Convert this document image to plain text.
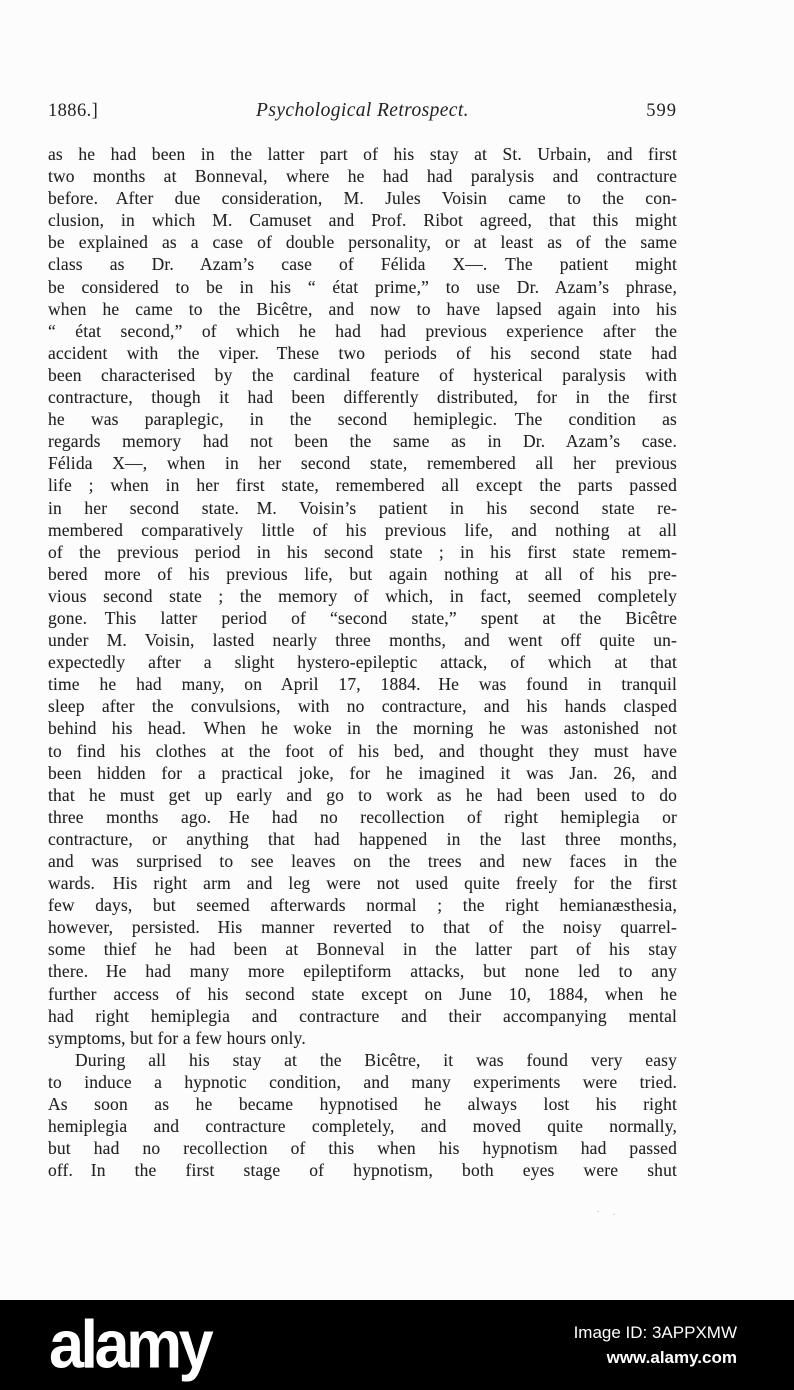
1886.]	Psychological Retrospect.	599
as he had been in the latter part of his stay at St. Urbain, and first
two months at Bonneval, where he had had paralysis and contracture
before. After due consideration, M. Jules Voisin came to the con-
clusion, in which M. Camuset and Prof. Ribot agreed, that this might
be explained as a case of double personality, or at least as of the same
class as Dr. Azam’s case of Félida X—. The patient might
be considered to be in his “ état prime,” to use Dr. Azam’s phrase,
when he came to the Bicêtre, and now to have lapsed again into his
“ état second,” of which he had had previous experience after the
accident with the viper. These two periods of his second state had
been characterised by the cardinal feature of hysterical paralysis with
contracture, though it had been differently distributed, for in the first
he was paraplegic, in the second hemiplegic. The condition as
regards memory had not been the same as in Dr. Azam’s case.
Félida X—, when in her second state, remembered all her previous
life ; when in her first state, remembered all except the parts passed
in her second state. M. Voisin’s patient in his second state re-
membered comparatively little of his previous life, and nothing at all
of the previous period in his second state ; in his first state remem-
bered more of his previous life, but again nothing at all of his pre-
vious second state ; the memory of which, in fact, seemed completely
gone. This latter period of “second state,” spent at the Bicêtre
under M. Voisin, lasted nearly three months, and went off quite un-
expectedly after a slight hystero-epileptic attack, of which at that
time he had many, on April 17, 1884. He was found in tranquil
sleep after the convulsions, with no contracture, and his hands clasped
behind his head. When he woke in the morning he was astonished not
to find his clothes at the foot of his bed, and thought they must have
been hidden for a practical joke, for he imagined it was Jan. 26, and
that he must get up early and go to work as he had been used to do
three months ago. He had no recollection of right hemiplegia or
contracture, or anything that had happened in the last three months,
and was surprised to see leaves on the trees and new faces in the
wards. His right arm and leg were not used quite freely for the first
few days, but seemed afterwards normal ; the right hemianæsthesia,
however, persisted. His manner reverted to that of the noisy quarrel-
some thief he had been at Bonneval in the latter part of his stay
there. He had many more epileptiform attacks, but none led to any
further access of his second state except on June 10, 1884, when he
had right hemiplegia and contracture and their accompanying mental
symptoms, but for a few hours only.
During all his stay at the Bicêtre, it was found very easy
to induce a hypnotic condition, and many experiments were tried.
As soon as he became hypnotised he always lost his right
hemiplegia and contracture completely, and moved quite normally,
but had no recollection of this when his hypnotism had passed
off. In the first stage of hypnotism, both eyes were shut
· .
alamy	Image ID: 3APPXMW
www.alamy.com
